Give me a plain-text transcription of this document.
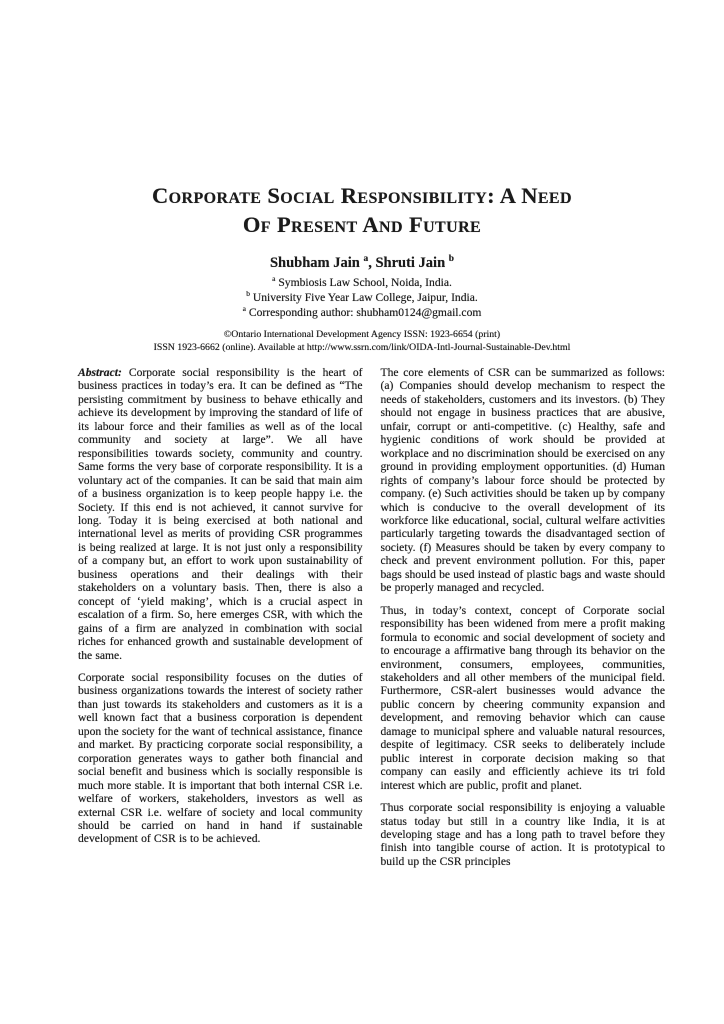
Corporate Social Responsibility: A Need
Of Present And Future
Shubham Jain $^a$, Shruti Jain $^b$
$^a$ Symbiosis Law School, Noida, India.
$^b$ University Five Year Law College, Jaipur, India.
$^a$ Corresponding author: shubham0124@gmail.com
©Ontario International Development Agency ISSN: 1923-6654 (print)
ISSN 1923-6662 (online). Available at http://www.ssrn.com/link/OIDA-Intl-Journal-Sustainable-Dev.html

Abstract: Corporate social responsibility is the heart of business practices in today’s era. It can be defined as “The persisting commitment by business to behave ethically and achieve its development by improving the standard of life of its labour force and their families as well as of the local community and society at large”. We all have responsibilities towards society, community and country. Same forms the very base of corporate responsibility. It is a voluntary act of the companies. It can be said that main aim of a business organization is to keep people happy i.e. the Society. If this end is not achieved, it cannot survive for long. Today it is being exercised at both national and international level as merits of providing CSR programmes is being realized at large. It is not just only a responsibility of a company but, an effort to work upon sustainability of business operations and their dealings with their stakeholders on a voluntary basis. Then, there is also a concept of ‘yield making’, which is a crucial aspect in escalation of a firm. So, here emerges CSR, with which the gains of a firm are analyzed in combination with social riches for enhanced growth and sustainable development of the same.

Corporate social responsibility focuses on the duties of business organizations towards the interest of society rather than just towards its stakeholders and customers as it is a well known fact that a business corporation is dependent upon the society for the want of technical assistance, finance and market. By practicing corporate social responsibility, a corporation generates ways to gather both financial and social benefit and business which is socially responsible is much more stable. It is important that both internal CSR i.e. welfare of workers, stakeholders, investors as well as external CSR i.e. welfare of society and local community should be carried on hand in hand if sustainable development of CSR is to be achieved.

The core elements of CSR can be summarized as follows: (a) Companies should develop mechanism to respect the needs of stakeholders, customers and its investors. (b) They should not engage in business practices that are abusive, unfair, corrupt or anti-competitive. (c) Healthy, safe and hygienic conditions of work should be provided at workplace and no discrimination should be exercised on any ground in providing employment opportunities. (d) Human rights of company’s labour force should be protected by company. (e) Such activities should be taken up by company which is conducive to the overall development of its workforce like educational, social, cultural welfare activities particularly targeting towards the disadvantaged section of society. (f) Measures should be taken by every company to check and prevent environment pollution. For this, paper bags should be used instead of plastic bags and waste should be properly managed and recycled.

Thus, in today’s context, concept of Corporate social responsibility has been widened from mere a profit making formula to economic and social development of society and to encourage a affirmative bang through its behavior on the environment, consumers, employees, communities, stakeholders and all other members of the municipal field. Furthermore, CSR-alert businesses would advance the public concern by cheering community expansion and development, and removing behavior which can cause damage to municipal sphere and valuable natural resources, despite of legitimacy. CSR seeks to deliberately include public interest in corporate decision making so that company can easily and efficiently achieve its tri fold interest which are public, profit and planet.

Thus corporate social responsibility is enjoying a valuable status today but still in a country like India, it is at developing stage and has a long path to travel before they finish into tangible course of action. It is prototypical to build up the CSR principles
